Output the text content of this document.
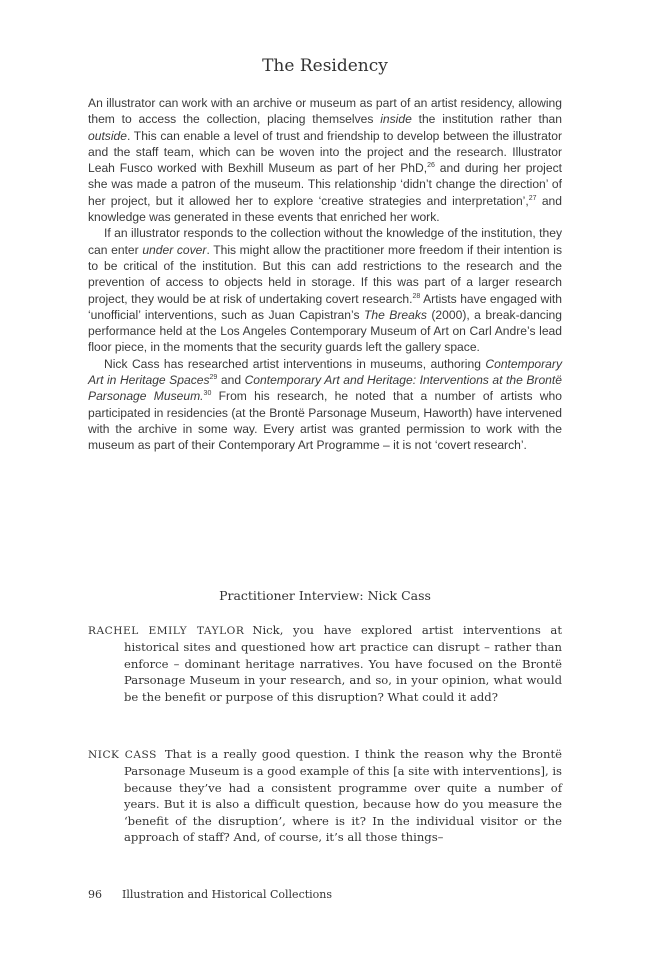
The Residency

An illustrator can work with an archive or museum as part of an artist residency, allowing them to access the collection, placing themselves inside the institution rather than outside. This can enable a level of trust and friendship to develop between the illustrator and the staff team, which can be woven into the project and the research. Illustrator Leah Fusco worked with Bexhill Museum as part of her PhD,$^{26}$ and during her project she was made a patron of the museum. This relationship ‘didn’t change the direction’ of her project, but it allowed her to explore ‘creative strategies and interpretation’,$^{27}$ and knowledge was generated in these events that enriched her work.

If an illustrator responds to the collection without the knowledge of the institution, they can enter under cover. This might allow the practitioner more freedom if their intention is to be critical of the institution. But this can add restrictions to the research and the prevention of access to objects held in storage. If this was part of a larger research project, they would be at risk of undertaking covert research.$^{28}$ Artists have engaged with ‘unofficial’ interventions, such as Juan Capistran’s The Breaks (2000), a break-dancing performance held at the Los Angeles Contemporary Museum of Art on Carl Andre’s lead floor piece, in the moments that the security guards left the gallery space.

Nick Cass has researched artist interventions in museums, authoring Contemporary Art in Heritage Spaces$^{29}$ and Contemporary Art and Heritage: Interventions at the Brontë Parsonage Museum.$^{30}$ From his research, he noted that a number of artists who participated in residencies (at the Brontë Parsonage Museum, Haworth) have intervened with the archive in some way. Every artist was granted permission to work with the museum as part of their Contemporary Art Programme – it is not ‘covert research’.

Practitioner Interview: Nick Cass

RACHEL EMILY TAYLOR Nick, you have explored artist interventions at historical sites and questioned how art practice can disrupt – rather than enforce – dominant heritage narratives. You have focused on the Brontë Parsonage Museum in your research, and so, in your opinion, what would be the benefit or purpose of this disruption? What could it add?

NICK CASS That is a really good question. I think the reason why the Brontë Parsonage Museum is a good example of this [a site with interventions], is because they’ve had a consistent programme over quite a number of years. But it is also a difficult question, because how do you measure the ‘benefit of the disruption’, where is it? In the individual visitor or the approach of staff? And, of course, it’s all those things–

96 Illustration and Historical Collections
